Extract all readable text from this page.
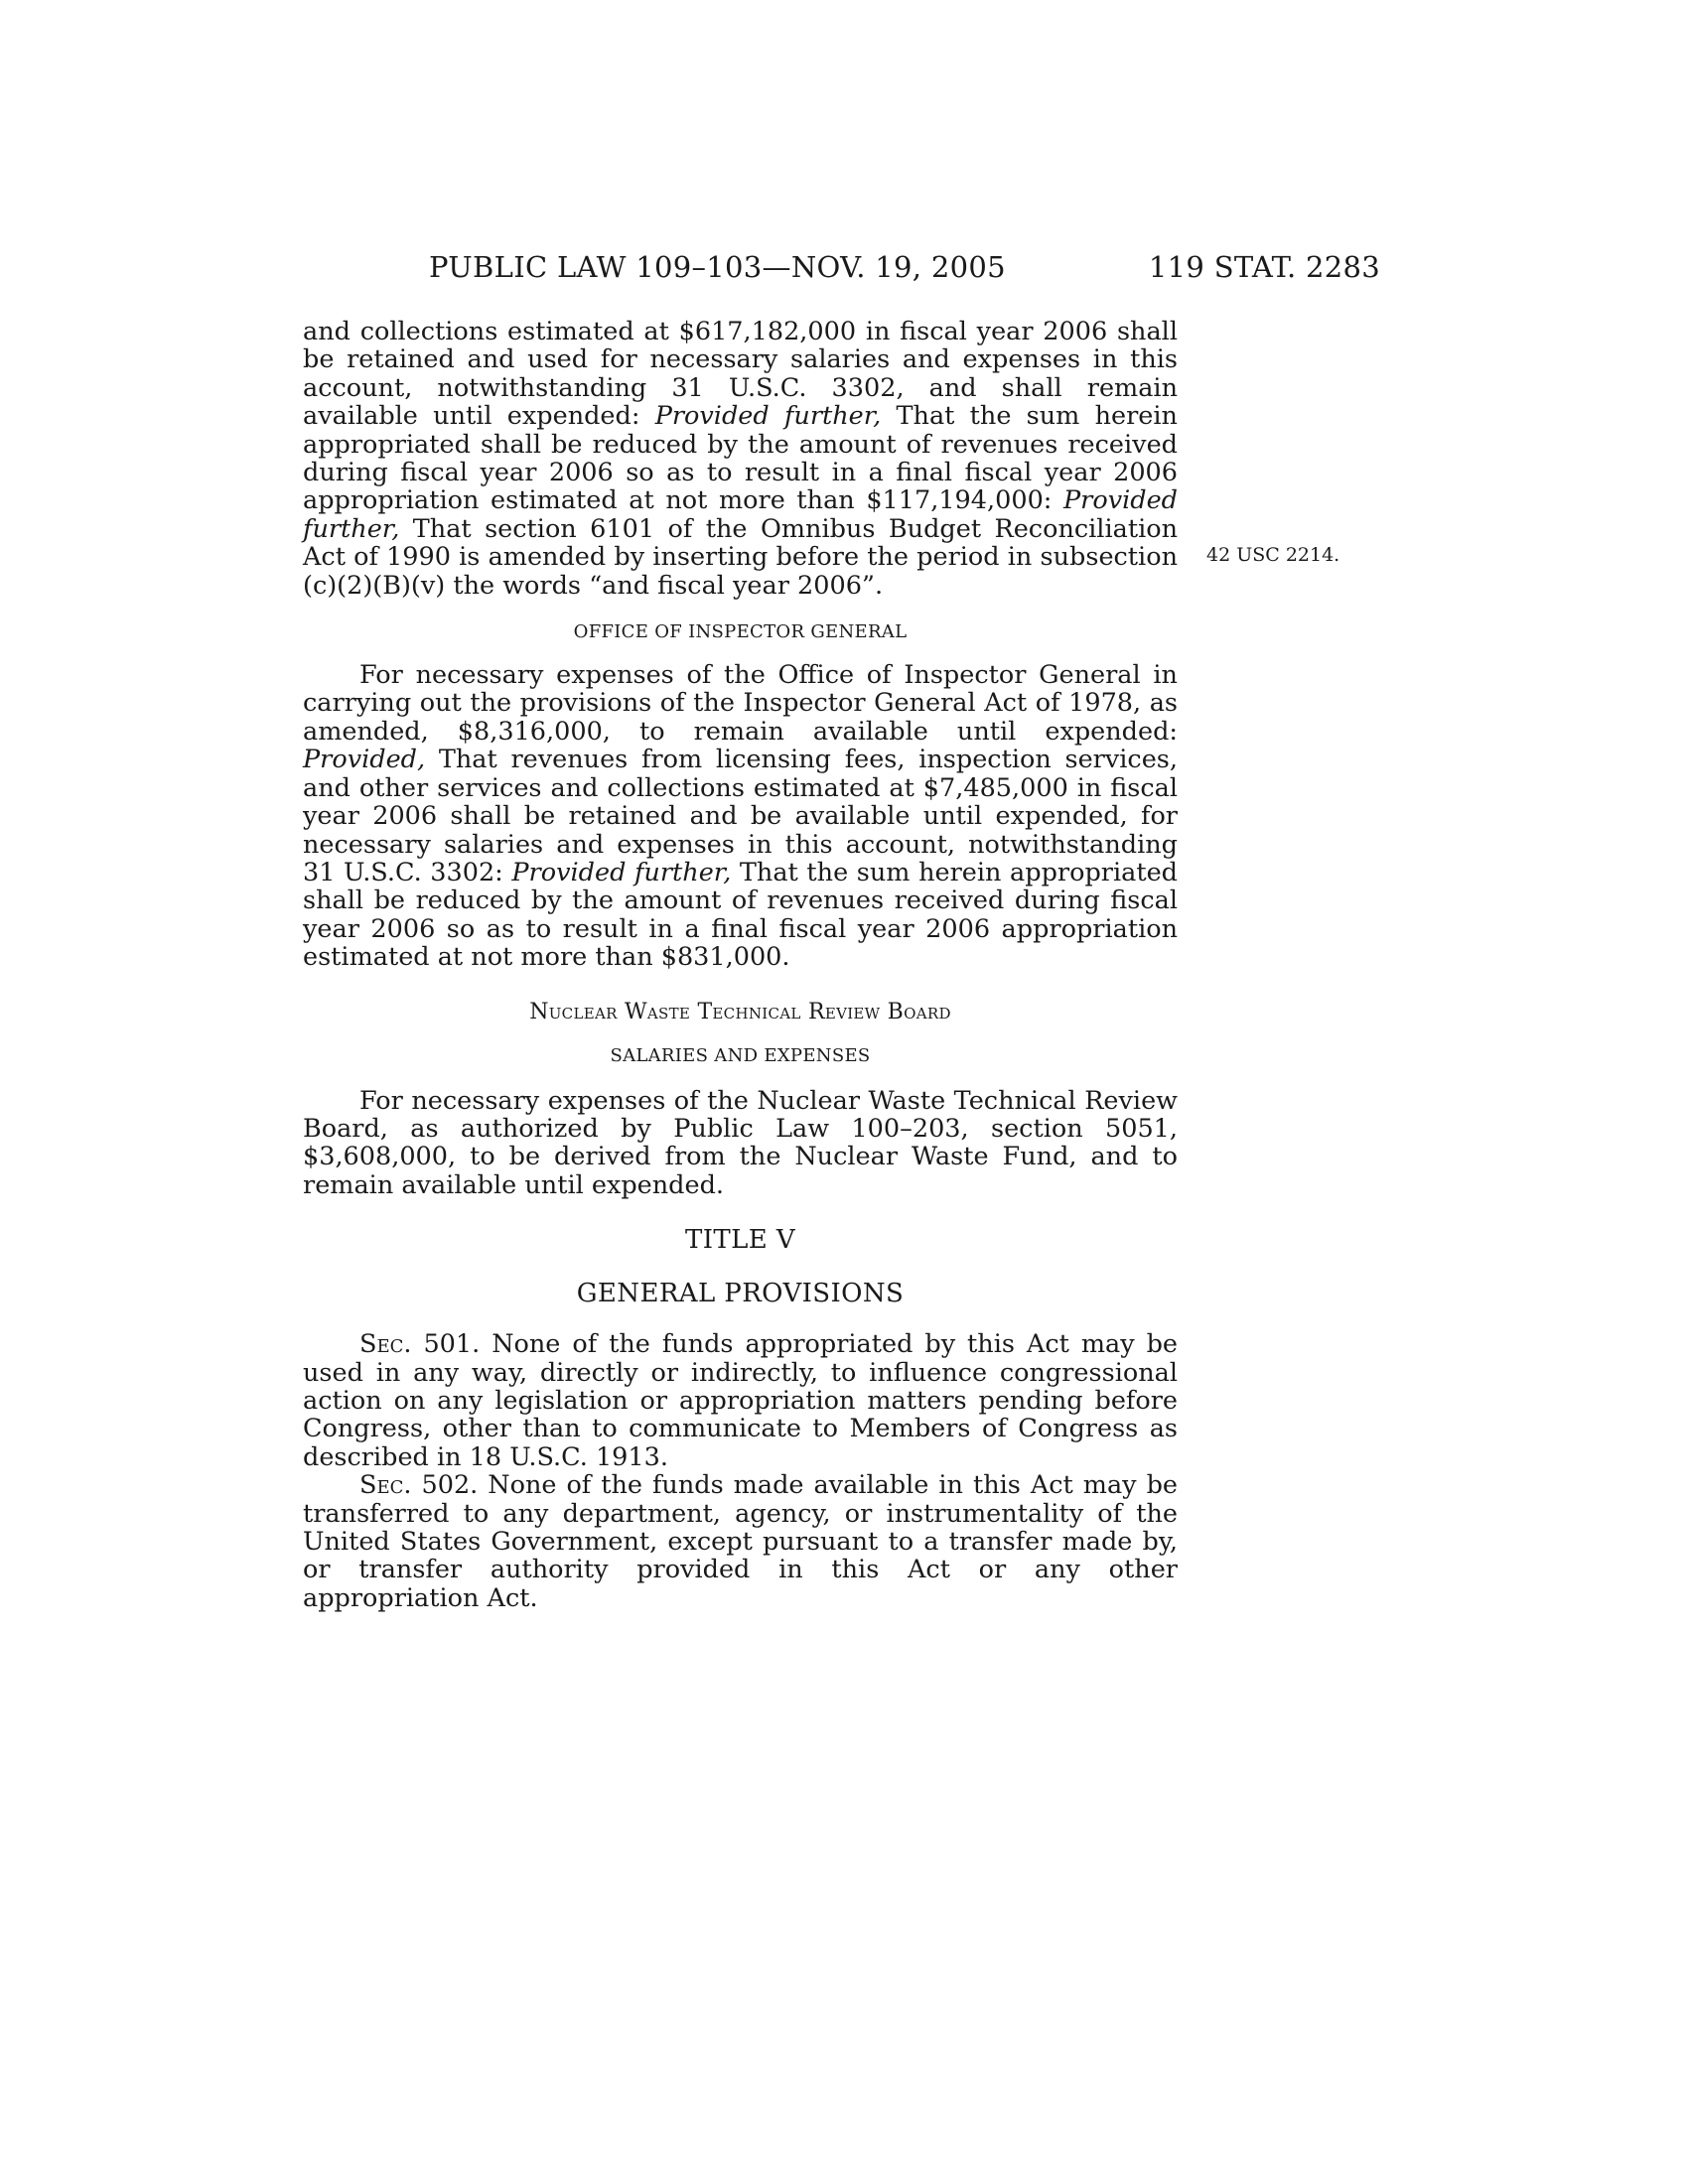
PUBLIC LAW 109–103—NOV. 19, 2005	119 STAT. 2283
42 USC 2214.

and collections estimated at $617,182,000 in fiscal year 2006 shall be retained and used for necessary salaries and expenses in this account, notwithstanding 31 U.S.C. 3302, and shall remain available until expended: Provided further, That the sum herein appropriated shall be reduced by the amount of revenues received during fiscal year 2006 so as to result in a final fiscal year 2006 appropriation estimated at not more than $117,194,000: Provided further, That section 6101 of the Omnibus Budget Reconciliation Act of 1990 is amended by inserting before the period in subsection (c)(2)(B)(v) the words “and fiscal year 2006”.

OFFICE OF INSPECTOR GENERAL

For necessary expenses of the Office of Inspector General in carrying out the provisions of the Inspector General Act of 1978, as amended, $8,316,000, to remain available until expended: Provided, That revenues from licensing fees, inspection services, and other services and collections estimated at $7,485,000 in fiscal year 2006 shall be retained and be available until expended, for necessary salaries and expenses in this account, notwithstanding 31 U.S.C. 3302: Provided further, That the sum herein appropriated shall be reduced by the amount of revenues received during fiscal year 2006 so as to result in a final fiscal year 2006 appropriation estimated at not more than $831,000.

Nuclear Waste Technical Review Board
SALARIES AND EXPENSES

For necessary expenses of the Nuclear Waste Technical Review Board, as authorized by Public Law 100–203, section 5051, $3,608,000, to be derived from the Nuclear Waste Fund, and to remain available until expended.

TITLE V
GENERAL PROVISIONS

Sec. 501. None of the funds appropriated by this Act may be used in any way, directly or indirectly, to influence congressional action on any legislation or appropriation matters pending before Congress, other than to communicate to Members of Congress as described in 18 U.S.C. 1913.

Sec. 502. None of the funds made available in this Act may be transferred to any department, agency, or instrumentality of the United States Government, except pursuant to a transfer made by, or transfer authority provided in this Act or any other appropriation Act.
